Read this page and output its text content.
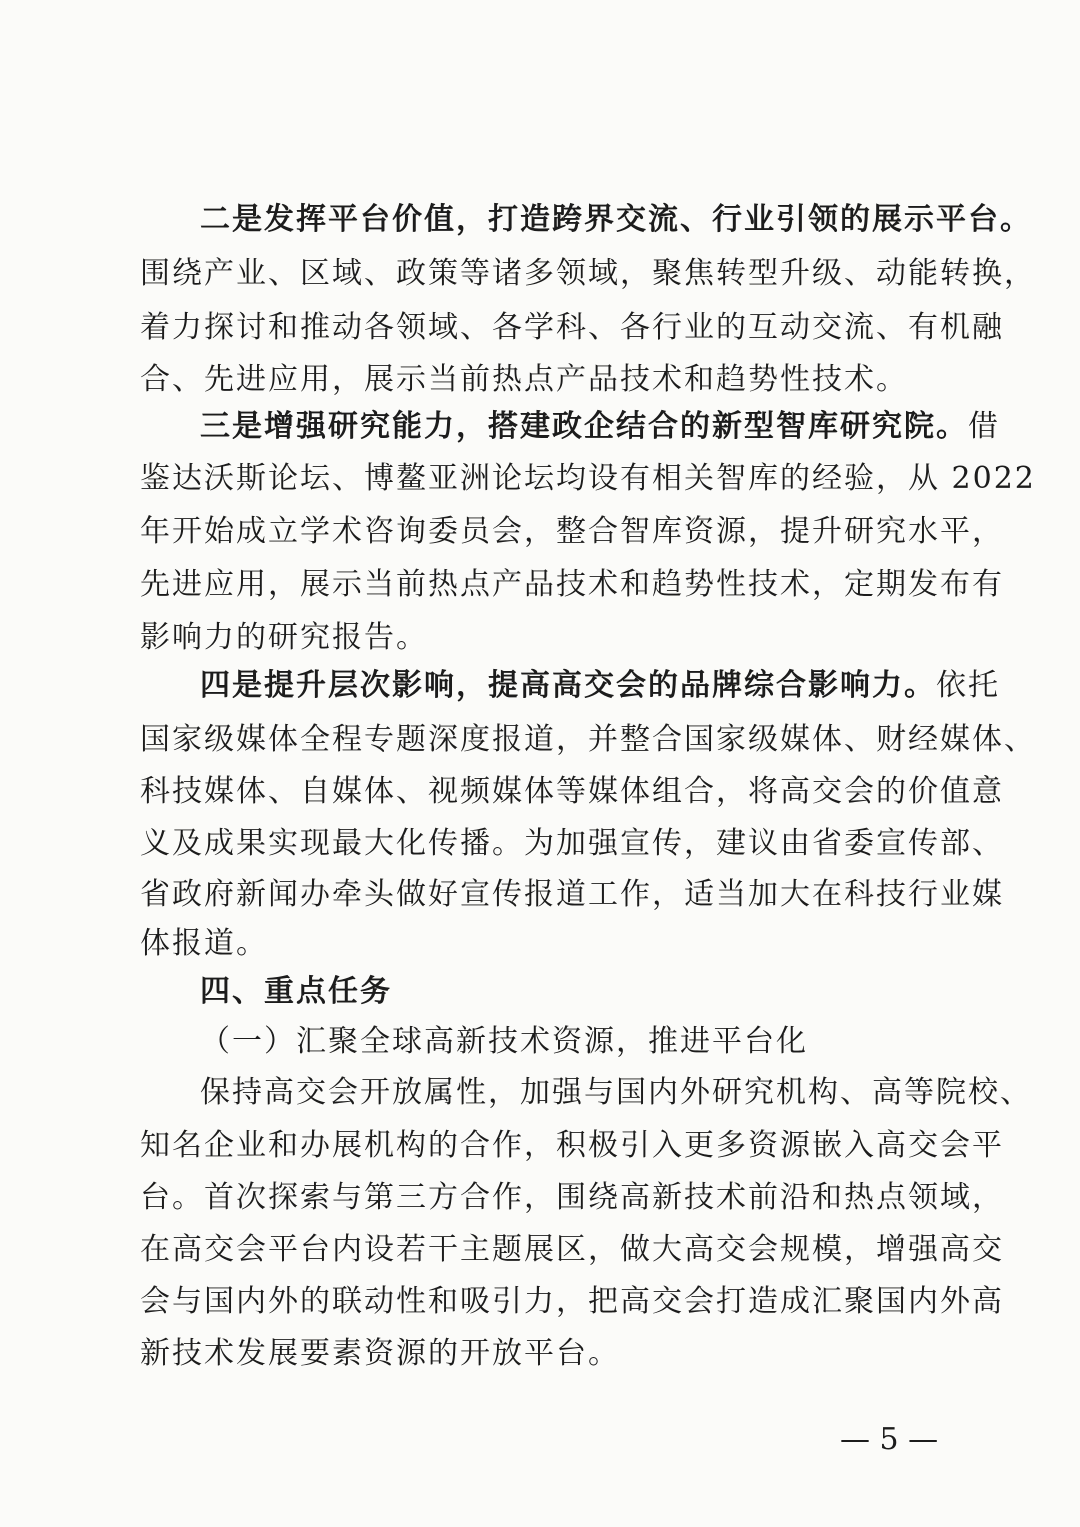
二是发挥平台价值，打造跨界交流、行业引领的展示平台。
围绕产业、区域、政策等诸多领域，聚焦转型升级、动能转换，
着力探讨和推动各领域、各学科、各行业的互动交流、有机融
合、先进应用，展示当前热点产品技术和趋势性技术。
三是增强研究能力，搭建政企结合的新型智库研究院。借
鉴达沃斯论坛、博鳌亚洲论坛均设有相关智库的经验，从 2022
年开始成立学术咨询委员会，整合智库资源，提升研究水平，
先进应用，展示当前热点产品技术和趋势性技术，定期发布有
影响力的研究报告。
四是提升层次影响，提高高交会的品牌综合影响力。依托
国家级媒体全程专题深度报道，并整合国家级媒体、财经媒体、
科技媒体、自媒体、视频媒体等媒体组合，将高交会的价值意
义及成果实现最大化传播。为加强宣传，建议由省委宣传部、
省政府新闻办牵头做好宣传报道工作，适当加大在科技行业媒
体报道。
四、重点任务
（一）汇聚全球高新技术资源，推进平台化
保持高交会开放属性，加强与国内外研究机构、高等院校、
知名企业和办展机构的合作，积极引入更多资源嵌入高交会平
台。首次探索与第三方合作，围绕高新技术前沿和热点领域，
在高交会平台内设若干主题展区，做大高交会规模，增强高交
会与国内外的联动性和吸引力，把高交会打造成汇聚国内外高
新技术发展要素资源的开放平台。
— 5 —
